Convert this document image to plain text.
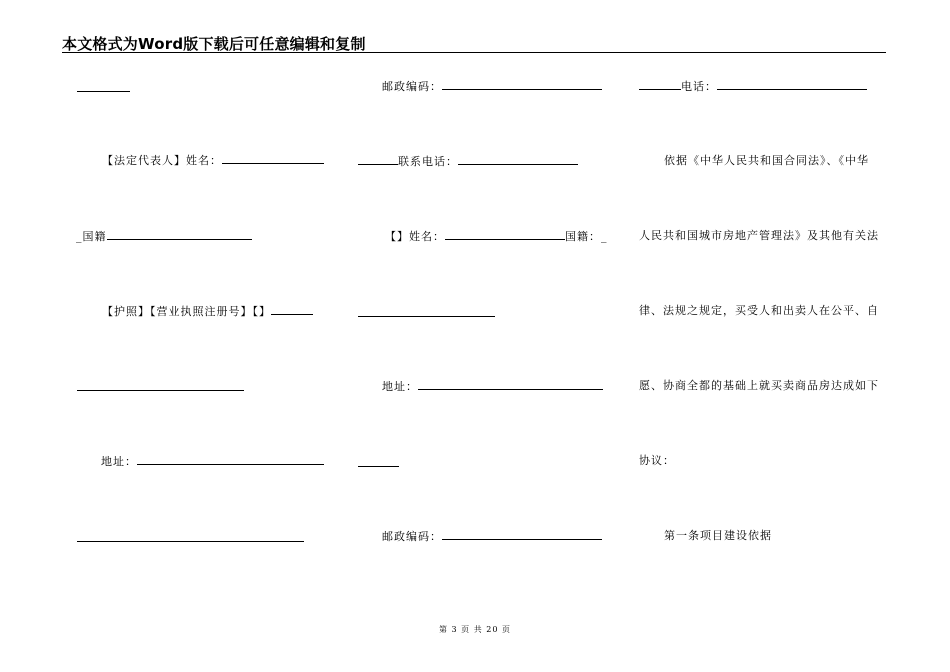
本文格式为Word版下载后可任意编辑和复制
【法定代表人】姓名：
_国籍
【护照】【营业执照注册号】【】
地址：
邮政编码：
联系电话：
【】姓名：	国籍：_
地址：
邮政编码：
电话：
依据《中华人民共和国合同法》、《中华
人民共和国城市房地产管理法》及其他有关法
律、法规之规定，买受人和出卖人在公平、自
愿、协商全都的基础上就买卖商品房达成如下
协议：
第一条项目建设依据
第 3 页 共 20 页
